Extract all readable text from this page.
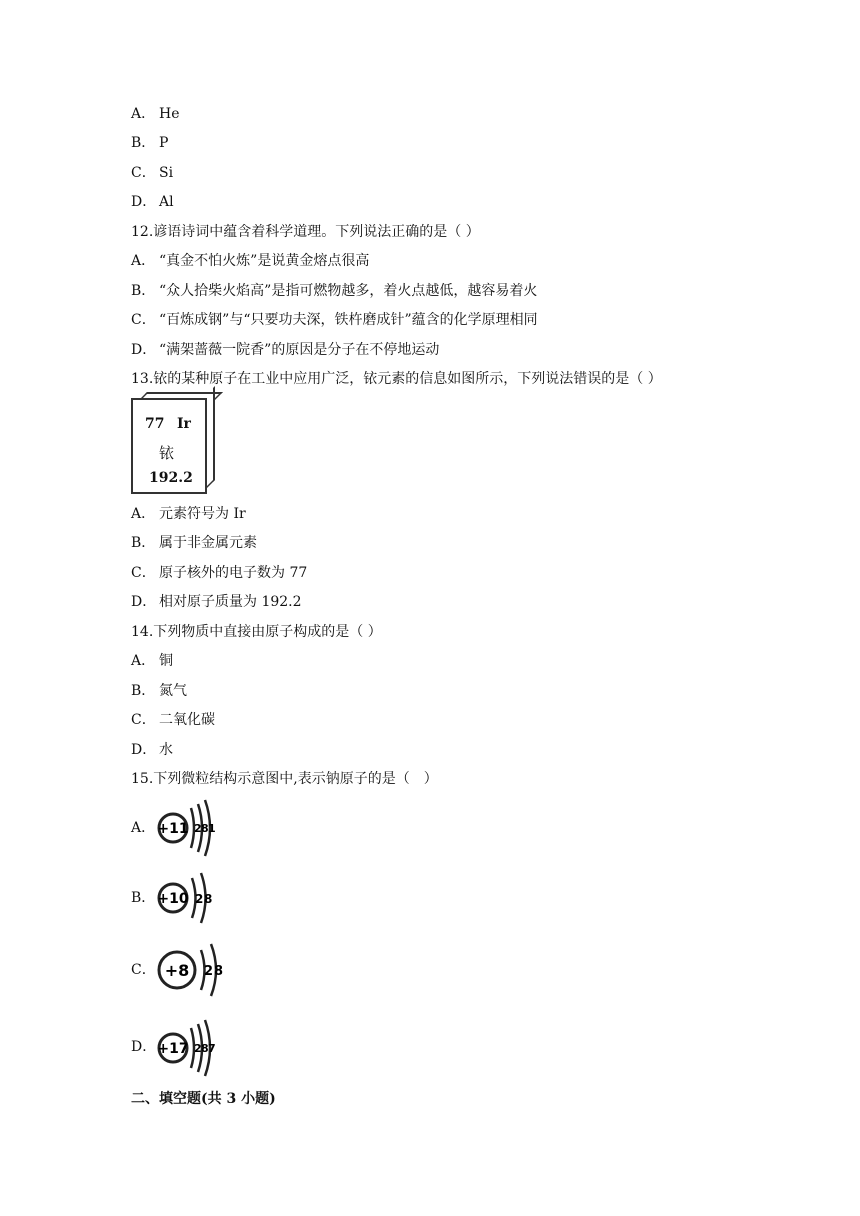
A． He
B． P
C． Si
D． Al
12.谚语诗词中蕴含着科学道理。下列说法正确的是（ ）
A． “真金不怕火炼”是说黄金熔点很高
B． “众人拾柴火焰高”是指可燃物越多，着火点越低，越容易着火
C． “百炼成钢”与“只要功夫深，铁杵磨成针”蕴含的化学原理相同
D． “满架蔷薇一院香”的原因是分子在不停地运动
13.铱的某种原子在工业中应用广泛，铱元素的信息如图所示，下列说法错误的是（ ）
77 Ir
铱
192.2
A． 元素符号为 Ir
B． 属于非金属元素
C． 原子核外的电子数为 77
D． 相对原子质量为 192.2
14.下列物质中直接由原子构成的是（ ）
A． 铜
B． 氮气
C． 二氧化碳
D． 水
15.下列微粒结构示意图中,表示钠原子的是（　）
A． +11 2 8 1
B． +10 2 8
C． +8 2 8
D． +17 2 8 7
二、填空题(共 3 小题)
